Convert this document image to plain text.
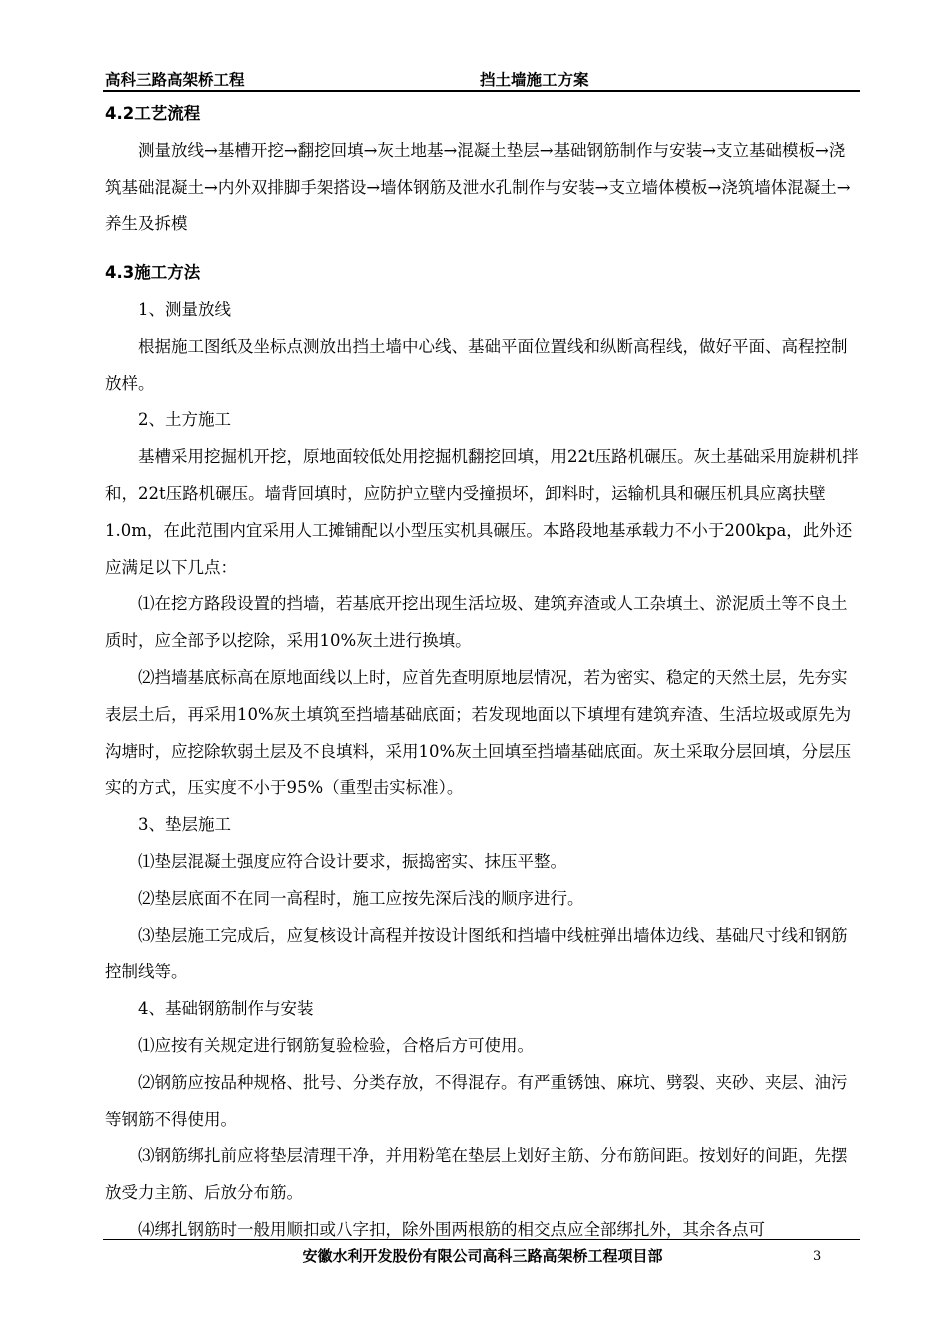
高科三路高架桥工程	挡土墙施工方案

4.2工艺流程

测量放线→基槽开挖→翻挖回填→灰土地基→混凝土垫层→基础钢筋制作与安装→支立基础模板→浇筑基础混凝土→内外双排脚手架搭设→墙体钢筋及泄水孔制作与安装→支立墙体模板→浇筑墙体混凝土→养生及拆模

4.3施工方法

1、测量放线

根据施工图纸及坐标点测放出挡土墙中心线、基础平面位置线和纵断高程线，做好平面、高程控制放样。

2、土方施工

基槽采用挖掘机开挖，原地面较低处用挖掘机翻挖回填，用22t压路机碾压。灰土基础采用旋耕机拌和，22t压路机碾压。墙背回填时，应防护立壁内受撞损坏，卸料时，运输机具和碾压机具应离扶壁1.0m，在此范围内宜采用人工摊铺配以小型压实机具碾压。本路段地基承载力不小于200kpa，此外还应满足以下几点：

⑴在挖方路段设置的挡墙，若基底开挖出现生活垃圾、建筑弃渣或人工杂填土、淤泥质土等不良土质时，应全部予以挖除，采用10%灰土进行换填。

⑵挡墙基底标高在原地面线以上时，应首先查明原地层情况，若为密实、稳定的天然土层，先夯实表层土后，再采用10%灰土填筑至挡墙基础底面；若发现地面以下填埋有建筑弃渣、生活垃圾或原先为沟塘时，应挖除软弱土层及不良填料，采用10%灰土回填至挡墙基础底面。灰土采取分层回填，分层压实的方式，压实度不小于95%（重型击实标准）。

3、垫层施工

⑴垫层混凝土强度应符合设计要求，振捣密实、抹压平整。

⑵垫层底面不在同一高程时，施工应按先深后浅的顺序进行。

⑶垫层施工完成后，应复核设计高程并按设计图纸和挡墙中线桩弹出墙体边线、基础尺寸线和钢筋控制线等。

4、基础钢筋制作与安装

⑴应按有关规定进行钢筋复验检验，合格后方可使用。

⑵钢筋应按品种规格、批号、分类存放，不得混存。有严重锈蚀、麻坑、劈裂、夹砂、夹层、油污等钢筋不得使用。

⑶钢筋绑扎前应将垫层清理干净，并用粉笔在垫层上划好主筋、分布筋间距。按划好的间距，先摆放受力主筋、后放分布筋。

⑷绑扎钢筋时一般用顺扣或八字扣，除外围两根筋的相交点应全部绑扎外，其余各点可

安徽水利开发股份有限公司高科三路高架桥工程项目部	3
